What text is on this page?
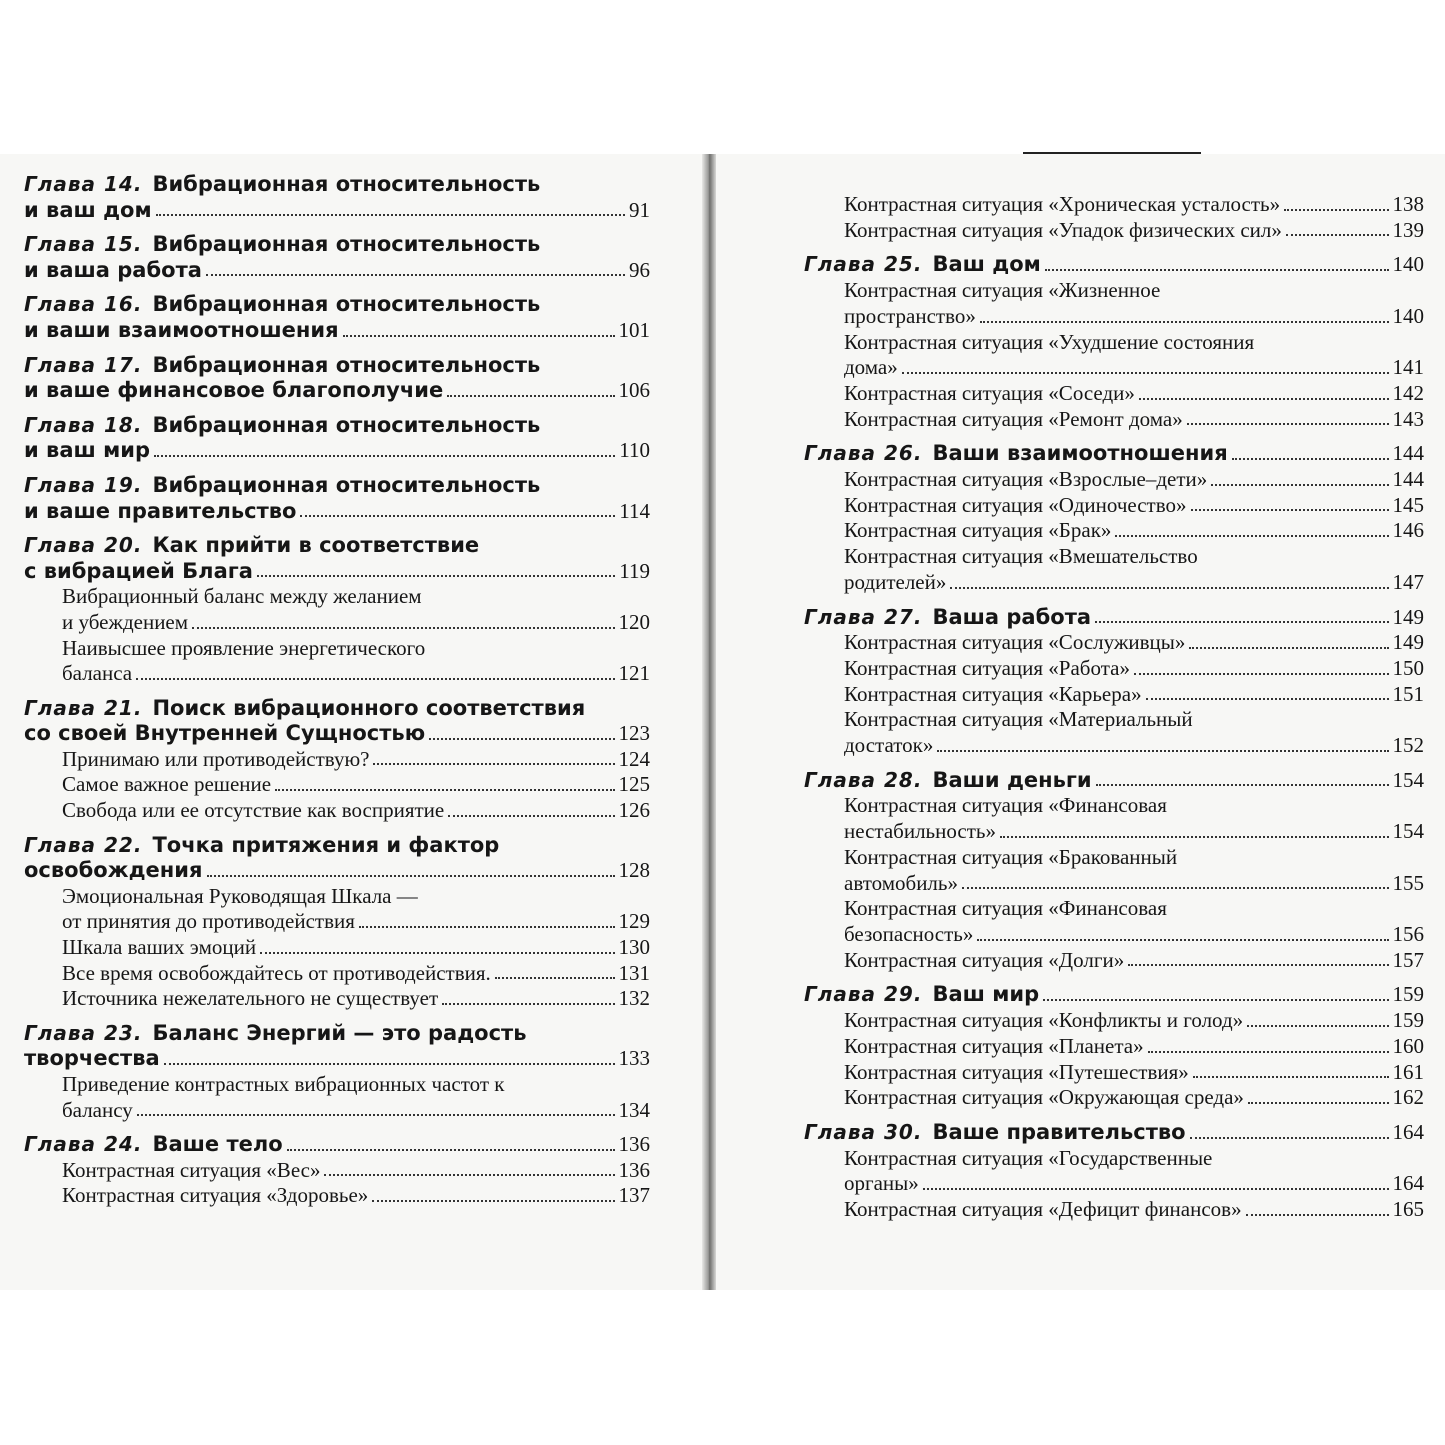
Глава 14. Вибрационная относительность
и ваш дом	91
Глава 15. Вибрационная относительность
и ваша работа	96
Глава 16. Вибрационная относительность
и ваши взаимоотношения	101
Глава 17. Вибрационная относительность
и ваше финансовое благополучие	106
Глава 18. Вибрационная относительность
и ваш мир	110
Глава 19. Вибрационная относительность
и ваше правительство	114
Глава 20. Как прийти в соответствие
с вибрацией Блага	119
Вибрационный баланс между желанием
и убеждением	120
Наивысшее проявление энергетического
баланса	121
Глава 21. Поиск вибрационного соответствия
со своей Внутренней Сущностью	123
Принимаю или противодействую?	124
Самое важное решение	125
Свобода или ее отсутствие как восприятие	126
Глава 22. Точка притяжения и фактор
освобождения	128
Эмоциональная Руководящая Шкала —
от принятия до противодействия	129
Шкала ваших эмоций	130
Все время освобождайтесь от противодействия.	131
Источника нежелательного не существует	132
Глава 23. Баланс Энергий — это радость
творчества	133
Приведение контрастных вибрационных частот к
балансу	134
Глава 24. Ваше тело	136
Контрастная ситуация «Вес»	136
Контрастная ситуация «Здоровье»	137
Контрастная ситуация «Хроническая усталость»	138
Контрастная ситуация «Упадок физических сил»	139
Глава 25. Ваш дом	140
Контрастная ситуация «Жизненное
пространство»	140
Контрастная ситуация «Ухудшение состояния
дома»	141
Контрастная ситуация «Соседи»	142
Контрастная ситуация «Ремонт дома»	143
Глава 26. Ваши взаимоотношения	144
Контрастная ситуация «Взрослые–дети»	144
Контрастная ситуация «Одиночество»	145
Контрастная ситуация «Брак»	146
Контрастная ситуация «Вмешательство
родителей»	147
Глава 27. Ваша работа	149
Контрастная ситуация «Сослуживцы»	149
Контрастная ситуация «Работа»	150
Контрастная ситуация «Карьера»	151
Контрастная ситуация «Материальный
достаток»	152
Глава 28. Ваши деньги	154
Контрастная ситуация «Финансовая
нестабильность»	154
Контрастная ситуация «Бракованный
автомобиль»	155
Контрастная ситуация «Финансовая
безопасность»	156
Контрастная ситуация «Долги»	157
Глава 29. Ваш мир	159
Контрастная ситуация «Конфликты и голод»	159
Контрастная ситуация «Планета»	160
Контрастная ситуация «Путешествия»	161
Контрастная ситуация «Окружающая среда»	162
Глава 30. Ваше правительство	164
Контрастная ситуация «Государственные
органы»	164
Контрастная ситуация «Дефицит финансов»	165
